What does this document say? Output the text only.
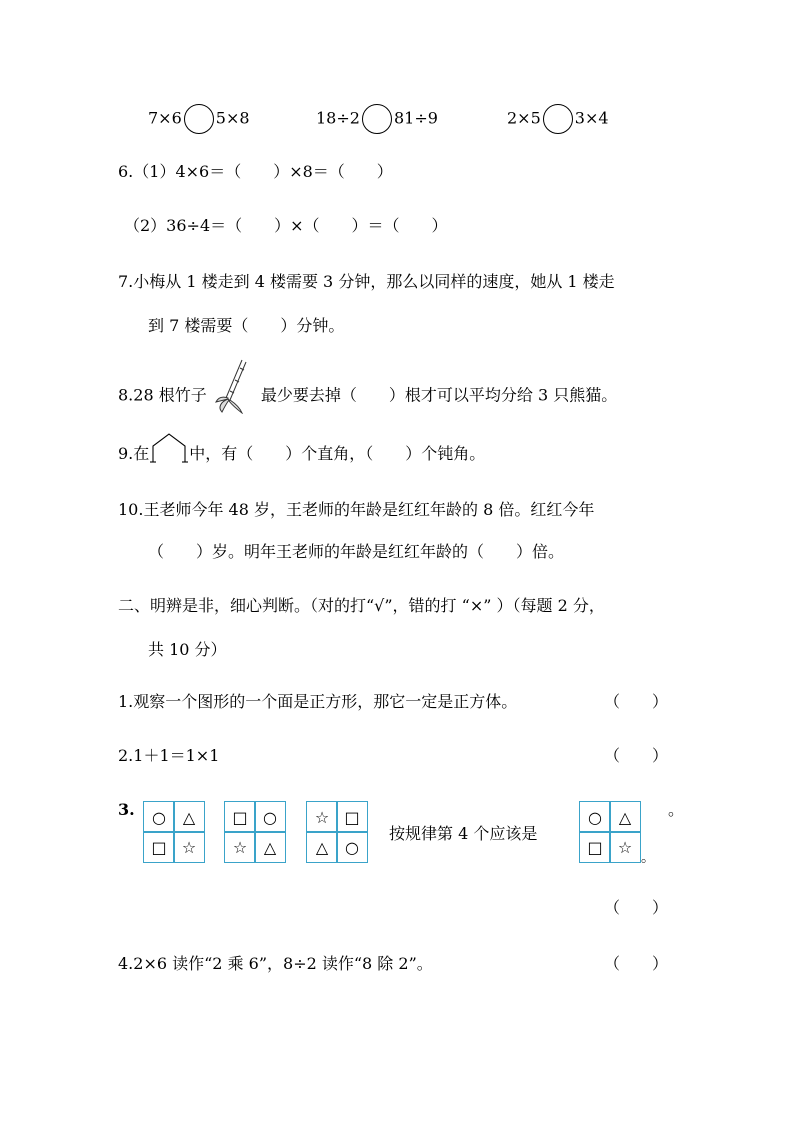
7×6 5×8	18÷2 81÷9	2×5 3×4
6.（1）4×6＝（　　）×8＝（　　）
（2）36÷4＝（　　）×（　　）＝（　　）
7.小梅从 1 楼走到 4 楼需要 3 分钟，那么以同样的速度，她从 1 楼走
到 7 楼需要（　　）分钟。
8.28 根竹子	最少要去掉（　　）根才可以平均分给 3 只熊猫。
9.在	中，有（　　）个直角，（　　）个钝角。
10.王老师今年 48 岁，王老师的年龄是红红年龄的 8 倍。红红今年
（　　）岁。明年王老师的年龄是红红年龄的（　　）倍。
二、明辨是非，细心判断。（对的打“√”，错的打 “×” ）（每题 2 分，
共 10 分）
1.观察一个图形的一个面是正方形，那它一定是正方体。	（　　）
2.1＋1＝1×1	（　　）
3.	○	△
□ ☆
□ ○
☆	△
☆ □
△	○
按规律第 4 个应该是
○	△
□ ☆
。
。
（　　）
4.2×6 读作“2 乘 6”，8÷2 读作“8 除 2”。	（　　）
